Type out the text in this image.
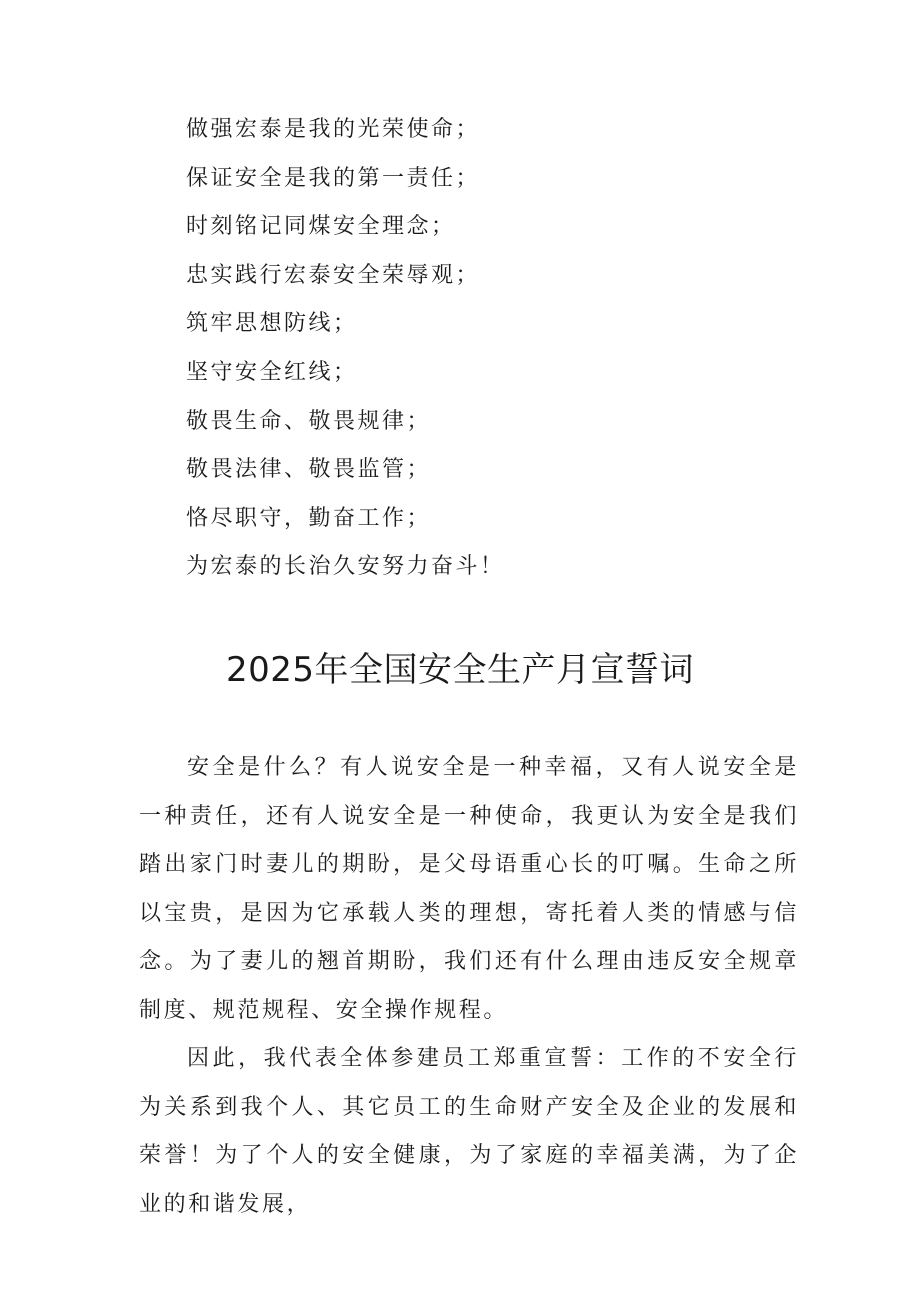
做强宏泰是我的光荣使命；
保证安全是我的第一责任；
时刻铭记同煤安全理念；
忠实践行宏泰安全荣辱观；
筑牢思想防线；
坚守安全红线；
敬畏生命、敬畏规律；
敬畏法律、敬畏监管；
恪尽职守，勤奋工作；
为宏泰的长治久安努力奋斗！
2025年全国安全生产月宣誓词

安全是什么？有人说安全是一种幸福，又有人说安全是一种责任，还有人说安全是一种使命，我更认为安全是我们踏出家门时妻儿的期盼，是父母语重心长的叮嘱。生命之所以宝贵，是因为它承载人类的理想，寄托着人类的情感与信念。为了妻儿的翘首期盼，我们还有什么理由违反安全规章制度、规范规程、安全操作规程。

因此，我代表全体参建员工郑重宣誓：工作的不安全行为关系到我个人、其它员工的生命财产安全及企业的发展和荣誉！为了个人的安全健康，为了家庭的幸福美满，为了企业的和谐发展，
